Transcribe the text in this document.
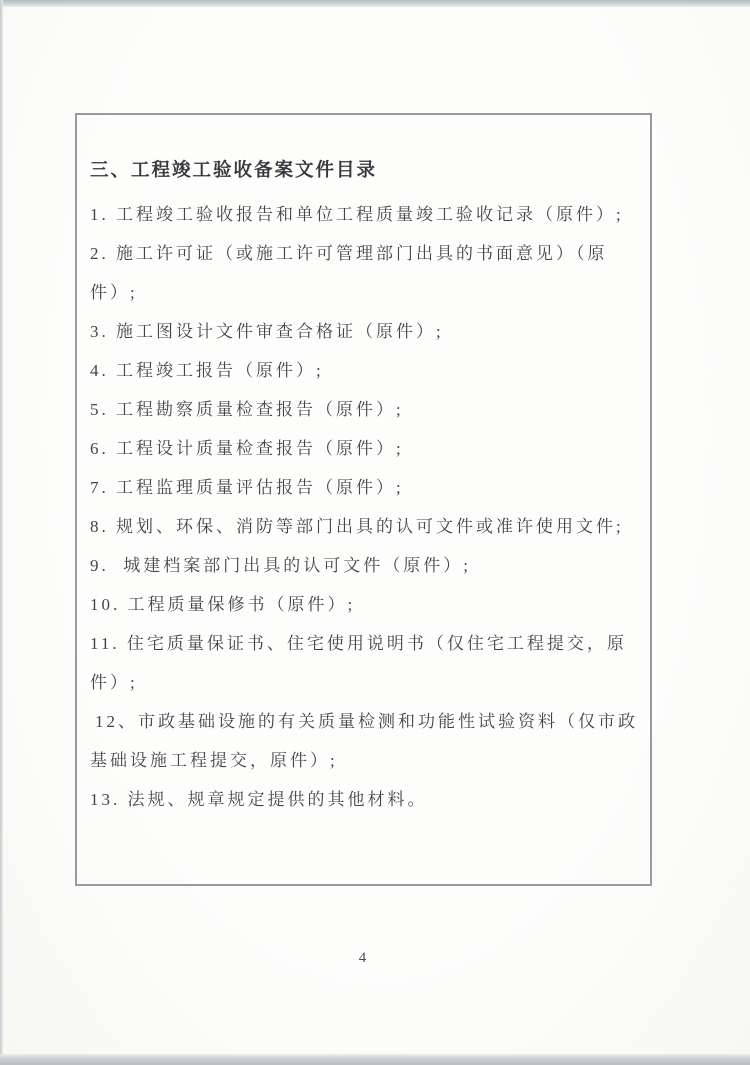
三、工程竣工验收备案文件目录
1. 工程竣工验收报告和单位工程质量竣工验收记录（原件）;
2. 施工许可证（或施工许可管理部门出具的书面意见）（原件）;
3. 施工图设计文件审查合格证（原件）;
4. 工程竣工报告（原件）;
5. 工程勘察质量检查报告（原件）;
6. 工程设计质量检查报告（原件）;
7. 工程监理质量评估报告（原件）;
8. 规划、环保、消防等部门出具的认可文件或准许使用文件;
9.  城建档案部门出具的认可文件（原件）;
10. 工程质量保修书（原件）;
11. 住宅质量保证书、住宅使用说明书（仅住宅工程提交，原件）;
12、市政基础设施的有关质量检测和功能性试验资料（仅市政基础设施工程提交，原件）;
13. 法规、规章规定提供的其他材料。
4
